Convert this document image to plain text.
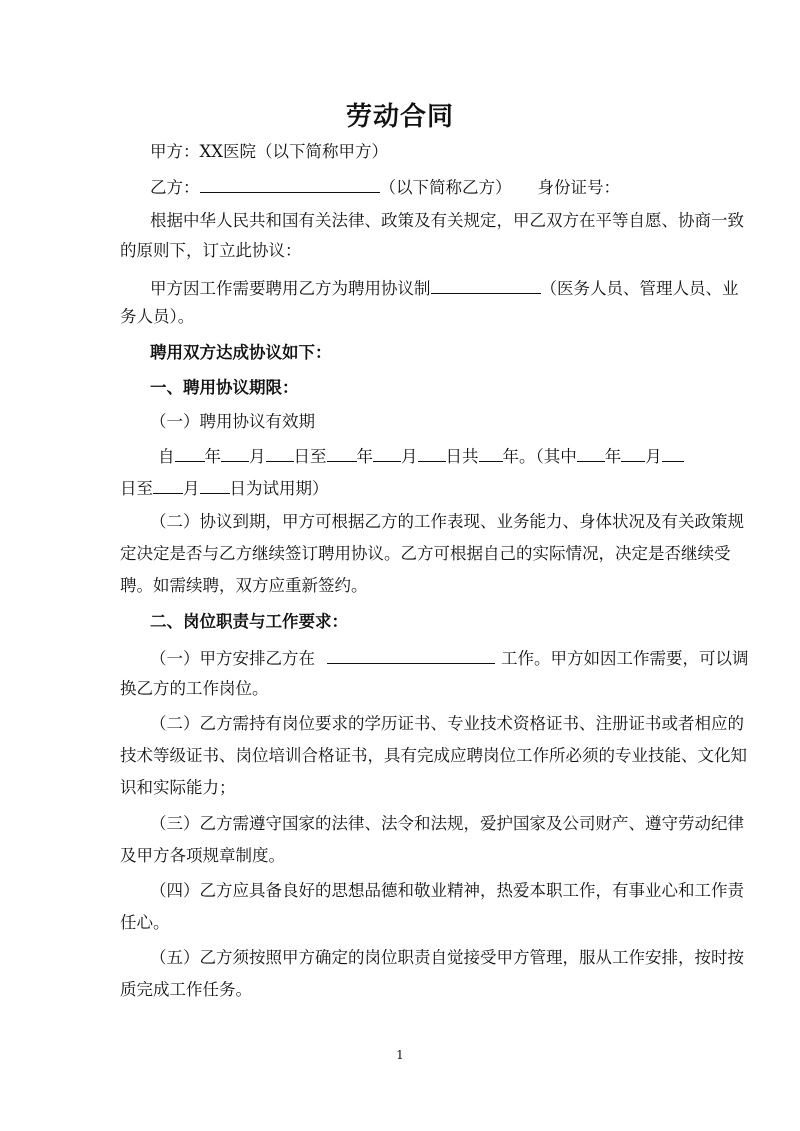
劳动合同
甲方：XX医院（以下简称甲方）
乙方：	（以下简称乙方） 身份证号：
根据中华人民共和国有关法律、政策及有关规定，甲乙双方在平等自愿、协商一致
的原则下，订立此协议：
甲方因工作需要聘用乙方为聘用协议制	（医务人员、管理人员、业
务人员）。
聘用双方达成协议如下：
一、聘用协议期限：
（一）聘用协议有效期
自 年 月 日至 年 月 日共 年。（其中 年 月
日至 月 日为试用期）
（二）协议到期，甲方可根据乙方的工作表现、业务能力、身体状况及有关政策规
定决定是否与乙方继续签订聘用协议。乙方可根据自己的实际情况，决定是否继续受
聘。如需续聘，双方应重新签约。
二、岗位职责与工作要求：
（一）甲方安排乙方在	工作。甲方如因工作需要，可以调
换乙方的工作岗位。
（二）乙方需持有岗位要求的学历证书、专业技术资格证书、注册证书或者相应的
技术等级证书、岗位培训合格证书，具有完成应聘岗位工作所必须的专业技能、文化知
识和实际能力；
（三）乙方需遵守国家的法律、法令和法规，爱护国家及公司财产、遵守劳动纪律
及甲方各项规章制度。
（四）乙方应具备良好的思想品德和敬业精神，热爱本职工作，有事业心和工作责
任心。
（五）乙方须按照甲方确定的岗位职责自觉接受甲方管理，服从工作安排，按时按
质完成工作任务。
1
